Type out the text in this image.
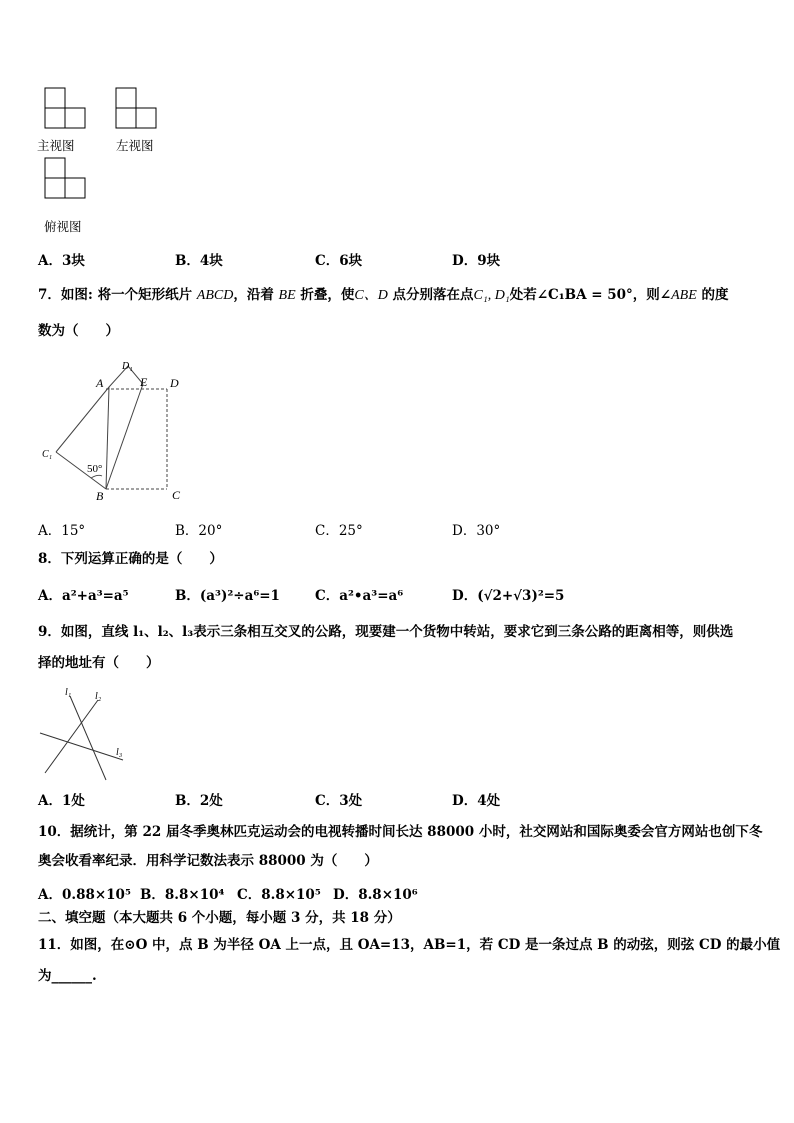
主视图	左视图
俯视图
A．3块	B．4块	C．6块	D．9块
7．如图: 将一个矩形纸片 ABCD，沿着 BE 折叠，使C、D 点分别落在点C₁, D₁处若∠C₁BA = 50°，则∠ABE 的度
数为（　　）
D₁
A	E D
C₁
50°
B	C
A．15°	B．20°	C．25°	D．30°
8．下列运算正确的是（　　）
A．a²+a³=a⁵	B．(a³)²÷a⁶=1	C．a²•a³=a⁶	D．(√2+√3)²=5
9．如图，直线 l₁、l₂、l₃表示三条相互交叉的公路，现要建一个货物中转站，要求它到三条公路的距离相等，则供选
择的地址有（　　）
l₁ l₂
l₃
A．1处	B．2处	C．3处	D．4处
10．据统计，第 22 届冬季奥林匹克运动会的电视转播时间长达 88000 小时，社交网站和国际奥委会官方网站也创下冬
奥会收看率纪录．用科学记数法表示 88000 为（　　）
A．0.88×10⁵ B．8.8×10⁴ C．8.8×10⁵ D．8.8×10⁶
二、填空题（本大题共 6 个小题，每小题 3 分，共 18 分）
11．如图，在⊙O 中，点 B 为半径 OA 上一点，且 OA=13，AB=1，若 CD 是一条过点 B 的动弦，则弦 CD 的最小值
为______.
